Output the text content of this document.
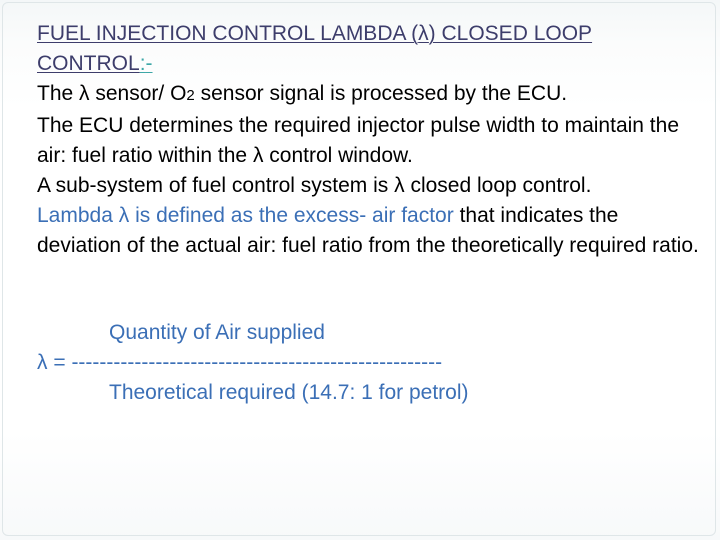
FUEL INJECTION CONTROL LAMBDA (λ) CLOSED LOOP CONTROL:-
The λ sensor/ O2 sensor signal is processed by the ECU.
The ECU determines the required injector pulse width to maintain the air: fuel ratio within the λ control window.
A sub-system of fuel control system is λ closed loop control.
Lambda λ is defined as the excess- air factor that indicates the deviation of the actual air: fuel ratio from the theoretically required ratio.
Quantity of Air supplied
λ = -----------------------------------------------------
Theoretical required (14.7: 1 for petrol)
